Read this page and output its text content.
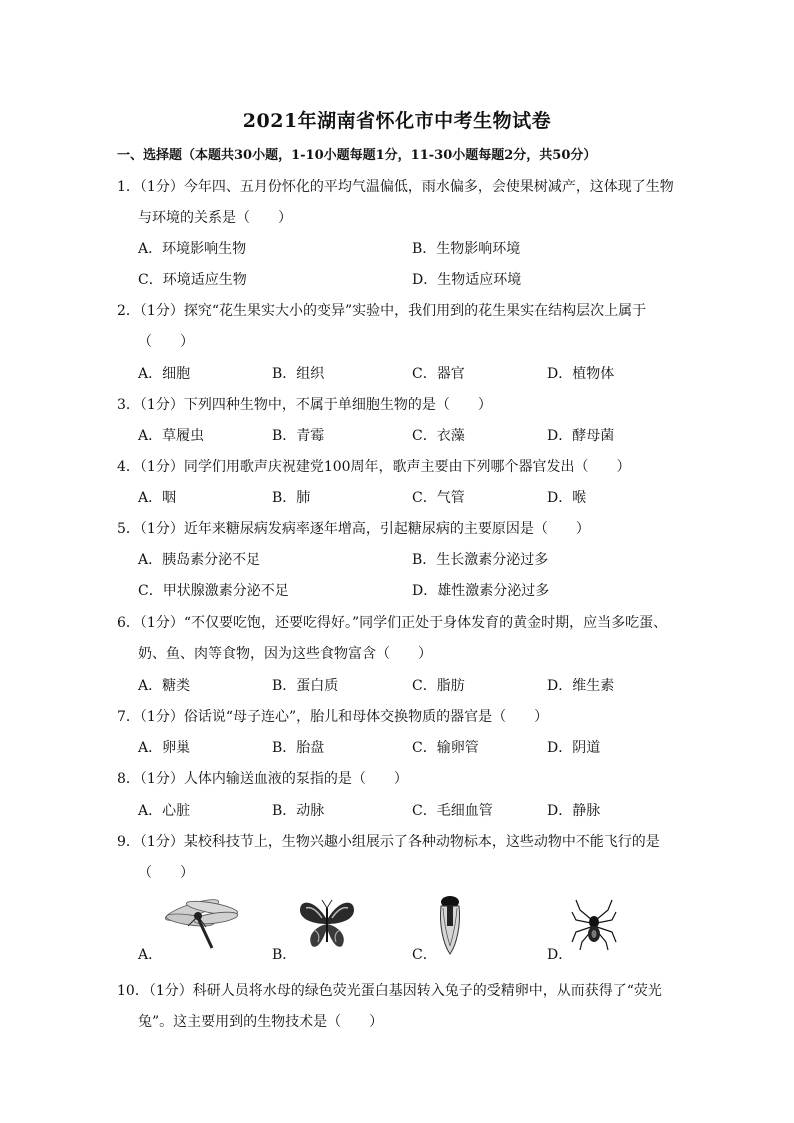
2021年湖南省怀化市中考生物试卷
一、选择题（本题共30小题，1-10小题每题1分，11-30小题每题2分，共50分）
1．（1分）今年四、五月份怀化的平均气温偏低，雨水偏多，会使果树减产，这体现了生物
与环境的关系是（　　）
A．环境影响生物	B．生物影响环境
C．环境适应生物	D．生物适应环境
2．（1分）探究“花生果实大小的变异”实验中，我们用到的花生果实在结构层次上属于
（　　）
A．细胞	B．组织	C．器官	D．植物体
3．（1分）下列四种生物中，不属于单细胞生物的是（　　）
A．草履虫	B．青霉	C．衣藻	D．酵母菌
4．（1分）同学们用歌声庆祝建党100周年，歌声主要由下列哪个器官发出（　　）
A．咽	B．肺	C．气管	D．喉
5．（1分）近年来糖尿病发病率逐年增高，引起糖尿病的主要原因是（　　）
A．胰岛素分泌不足	B．生长激素分泌过多
C．甲状腺激素分泌不足	D．雄性激素分泌过多
6．（1分）“不仅要吃饱，还要吃得好。”同学们正处于身体发育的黄金时期，应当多吃蛋、
奶、鱼、肉等食物，因为这些食物富含（　　）
A．糖类	B．蛋白质	C．脂肪	D．维生素
7．（1分）俗话说“母子连心”，胎儿和母体交换物质的器官是（　　）
A．卵巢	B．胎盘	C．输卵管	D．阴道
8．（1分）人体内输送血液的泵指的是（　　）
A．心脏	B．动脉	C．毛细血管	D．静脉
9．（1分）某校科技节上，生物兴趣小组展示了各种动物标本，这些动物中不能飞行的是
（　　）
A．	B．	C．	D．
10．（1分）科研人员将水母的绿色荧光蛋白基因转入兔子的受精卵中，从而获得了“荧光
兔”。这主要用到的生物技术是（　　）
